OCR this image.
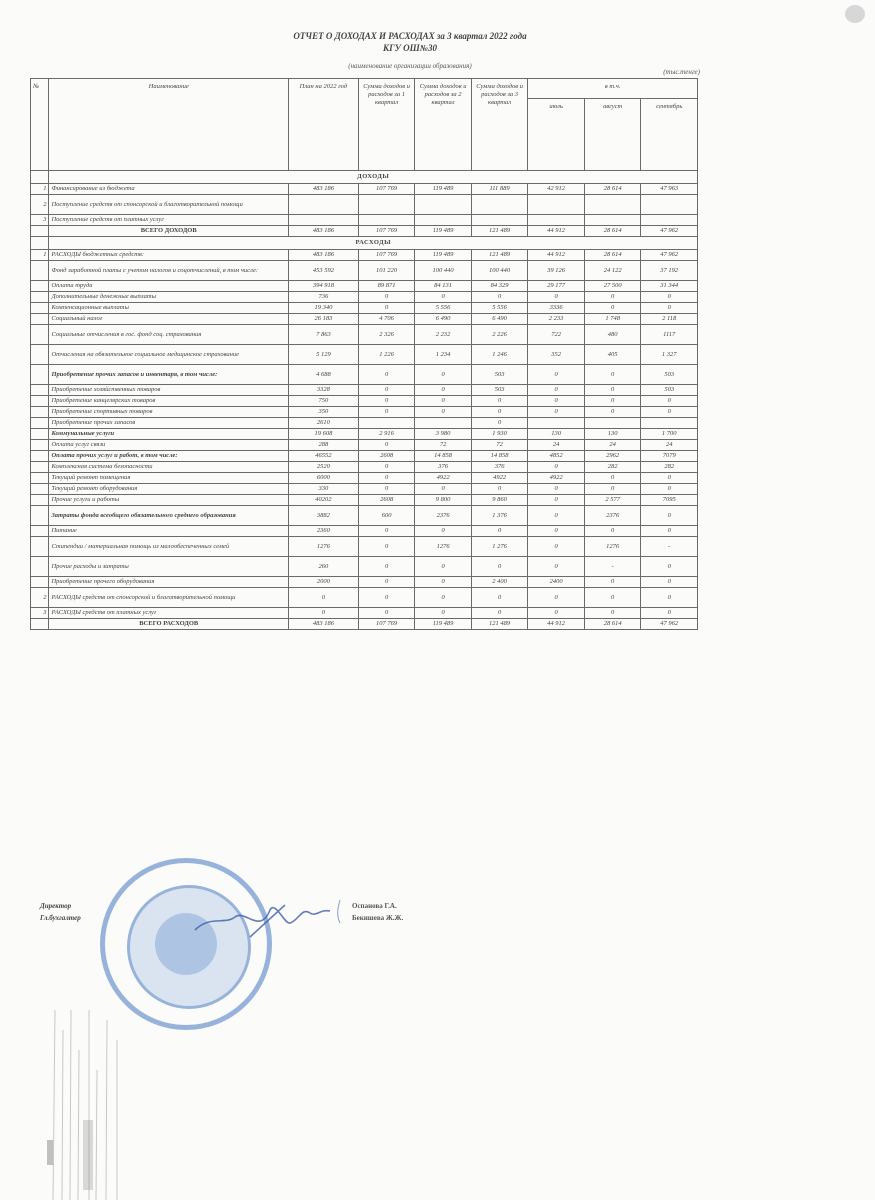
ОТЧЕТ О ДОХОДАХ И РАСХОДАХ за 3 квартал 2022 года
КГУ ОШ№30
(наименование организации образования)
(тыс.тенге)
№	Наименование	План на 2022 год	Сумма доходов и расходов за 1 квартал	Сумма доходов и расходов за 2 квартал	Сумма доходов и расходов за 3 квартал	в т.ч.		
						июль	август	сентябрь
	ДОХОДЫ							
1	Финансирование из бюджета	483 186	107 769	119 489	111 889	42 912	28 614	47 963
2	Поступление средств от спонсорской и благотворительной помощи							
3	Поступление средств от платных услуг							
	ВСЕГО ДОХОДОВ	483 186	107 769	119 489	121 489	44 912	28 614	47 962
	РАСХОДЫ							
1	РАСХОДЫ бюджетных средств:	483 186	107 769	119 489	121 489	44 912	28 614	47 962
	Фонд заработной платы с учетом налогов и соцотчислений, в том числе:	453 592	101 220	100 440	100 440	39 126	24 122	37 192
	Оплата труда	394 918	89 871	84 131	84 329	29 177	27 500	31 344
	Дополнительные денежные выплаты	736	0	0	0	0	0	0
	Компенсационные выплаты	19 340	0	5 556	5 556	3336	0	0
	Социальный налог	26 183	4 706	6 490	6 490	2 233	1 748	2 118
	Социальные отчисления в гос. фонд соц. страхования	7 863	2 326	2 232	2 226	722	480	1117
	Отчисления на обязательное социальное медицинское страхование	5 129	1 226	1 234	1 246	352	405	1 327
	Приобретение прочих запасов и инвентаря, в том числе:	4 688	0	0	503	0	0	503
	Приобретение хозяйственных товаров	3328	0	0	503	0	0	503
	Приобретение канцелярских товаров	750	0	0	0	0	0	0
	Приобретение спортивных товаров	350	0	0	0	0	0	0
	Приобретение прочих запасов	2610			0			
	Коммунальные услуги	19 608	2 916	3 980	1 930	130	130	1 700
	Оплата услуг связи	288	0	72	72	24	24	24
	Оплата прочих услуг и работ, в том числе:	46552	2608	14 858	14 858	4852	2962	7079
	Комплексная система безопасности	2520	0	376	376	0	282	282
	Текущий ремонт помещения	6000	0	4922	4922	4922	0	0
	Текущий ремонт оборудования	330	0	0	0	0	0	0
	Прочие услуги и работы	40202	2608	9 800	9 860	0	2 577	7095
	Затраты фонда всеобщего обязательного среднего образования	3882	600	2376	1 376	0	2376	0
	Питание	2360	0	0	0	0	0	0
	Стипендии / материальная помощь из малообеспеченных семей	1276	0	1276	1 276	0	1276	-
	Прочие расходы и затраты	260	0	0	0	0	-	0
	Приобретение прочего оборудования	2000	0	0	2 400	2400	0	0
2	РАСХОДЫ средств от спонсорской и благотворительной помощи	0	0	0	0	0	0	0
3	РАСХОДЫ средств от платных услуг	0	0	0	0	0	0	0
	ВСЕГО РАСХОДОВ	483 186	107 769	119 489	121 489	44 912	28 614	47 962
Директор
Гл.бухгалтер
Оспанова Г.А.
Бекишева Ж.Ж.
